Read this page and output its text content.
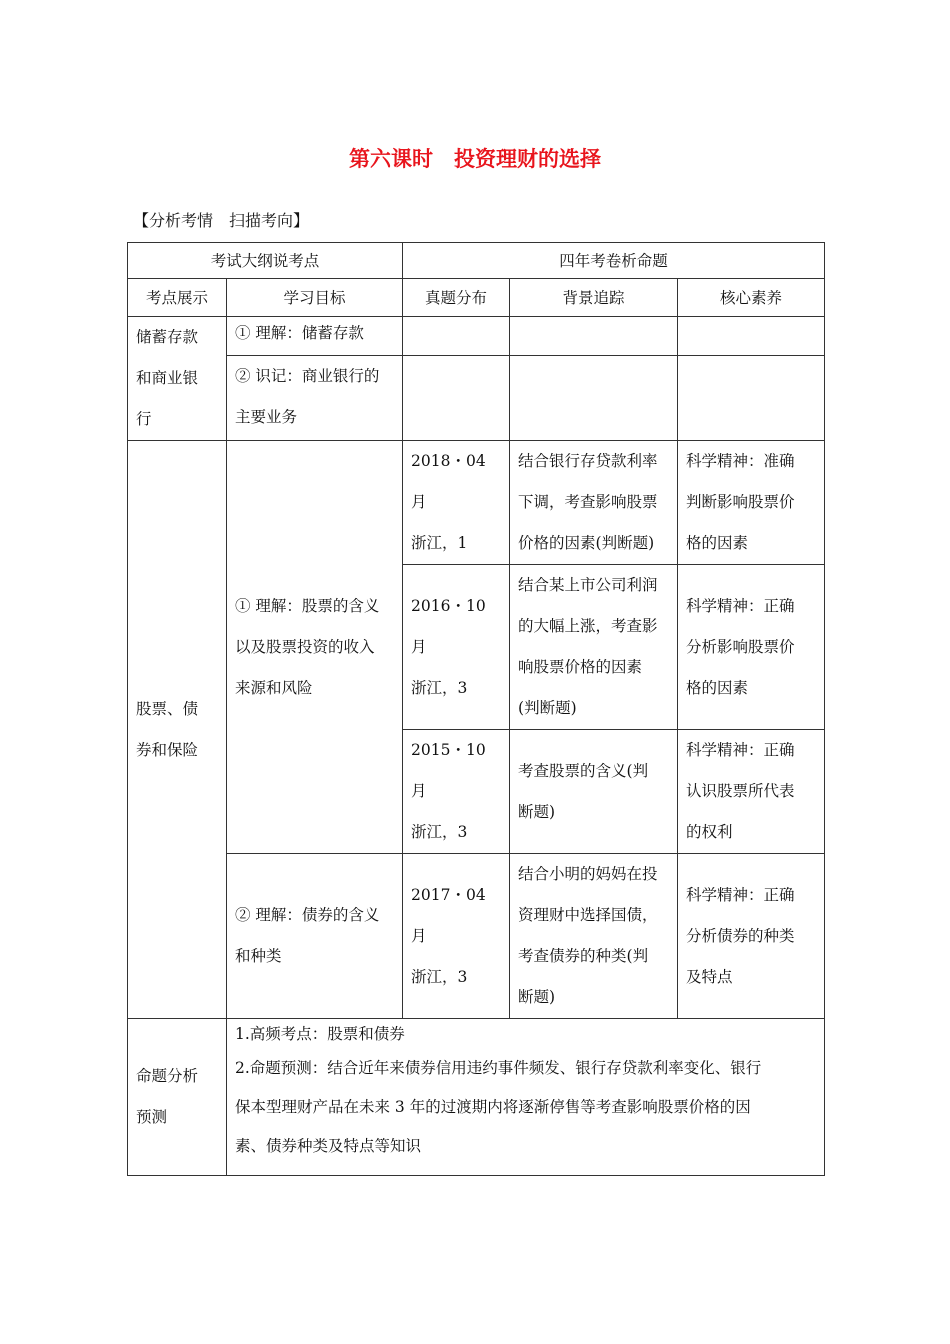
第六课时　投资理财的选择
【分析考情　扫描考向】
考试大纲说考点		四年考卷析命题		
考点展示	学习目标	真题分布	背景追踪	核心素养

储蓄存款
和商业银
行	① 理解：储蓄存款			

	② 识记：商业银行的
主要业务			

股票、债
券和保险	① 理解：股票的含义
以及股票投资的收入
来源和风险	2018・04 月
浙江，1	结合银行存贷款利率
下调，考查影响股票
价格的因素(判断题)	科学精神：准确
判断影响股票价
格的因素

		2016・10 月
浙江，3	结合某上市公司利润
的大幅上涨，考查影
响股票价格的因素
(判断题)	科学精神：正确
分析影响股票价
格的因素

		2015・10 月
浙江，3	考查股票的含义(判
断题)	科学精神：正确
认识股票所代表
的权利

	② 理解：债券的含义
和种类	2017・04 月
浙江，3	结合小明的妈妈在投
资理财中选择国债，
考查债券的种类(判
断题)	科学精神：正确
分析债券的种类
及特点

命题分析
预测	1.高频考点：股票和债券
2.命题预测：结合近年来债券信用违约事件频发、银行存贷款利率变化、银行
保本型理财产品在未来 3 年的过渡期内将逐渐停售等考查影响股票价格的因
素、债券种类及特点等知识			
